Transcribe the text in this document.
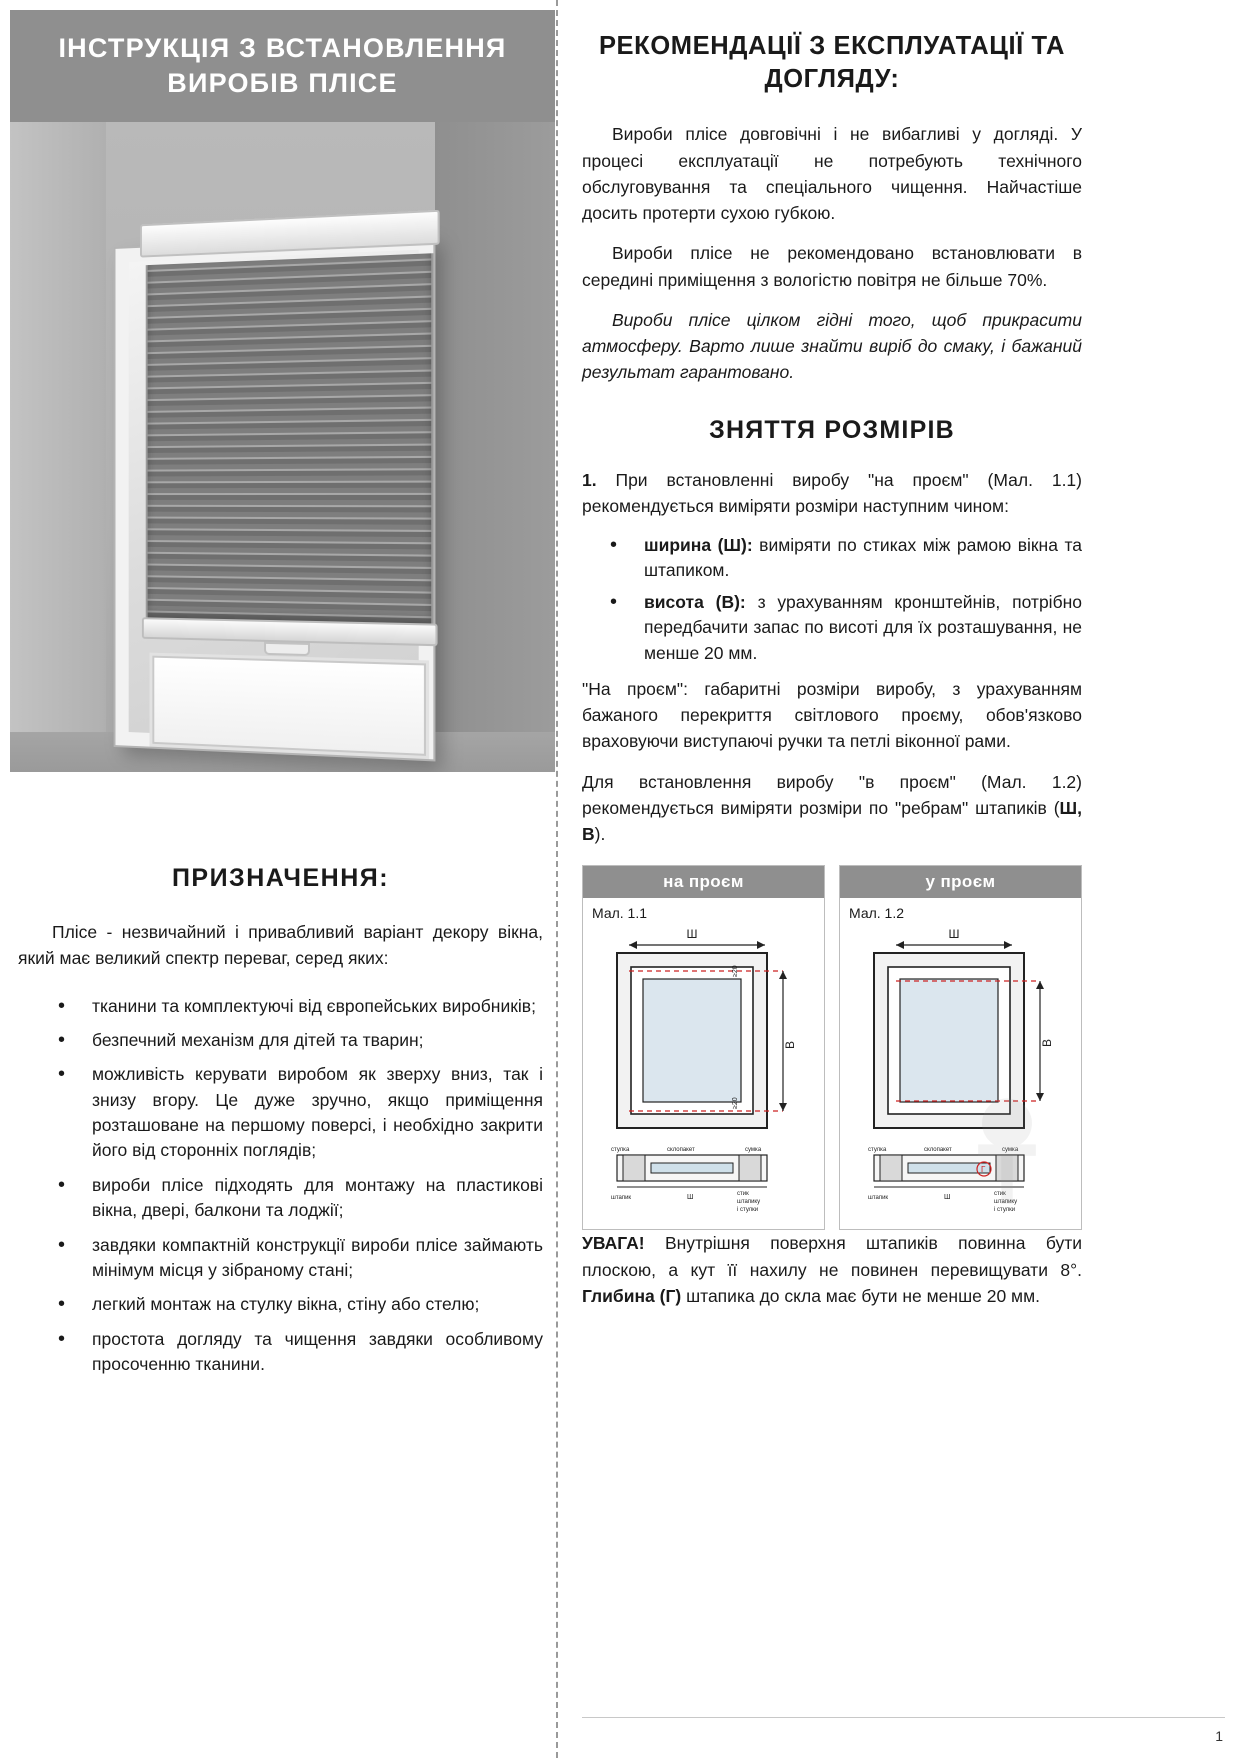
ІНСТРУКЦІЯ З ВСТАНОВЛЕННЯ ВИРОБІВ ПЛІСЕ
ПРИЗНАЧЕННЯ:

Пліcе - незвичайний і привабливий варіант декору вікна, який має великий спектр переваг, серед яких:

• тканини та комплектуючі від європейських виробників;
• безпечний механізм для дітей та тварин;
• можливість керувати виробом як зверху вниз, так і знизу вгору. Це дуже зручно, якщо приміщення розташоване на першому поверсі, і необхідно закрити його від сторонніх поглядів;
• вироби пліcе підходять для монтажу на пластикові вікна, двері, балкони та лоджії;
• завдяки компактній конструкції вироби пліcе займають мінімум місця у зібраному стані;
• легкий монтаж на стулку вікна, стіну або стелю;
• простота догляду та чищення завдяки особливому просоченню тканини.
РЕКОМЕНДАЦІЇ З ЕКСПЛУАТАЦІЇ ТА ДОГЛЯДУ:

Вироби пліcе довговічні і не вибагливі у догляді. У процесі експлуатації не потребують технічного обслуговування та спеціального чищення. Найчастіше досить протерти сухою губкою.

Вироби пліcе не рекомендовано встановлювати в середині приміщення з вологістю повітря не більше 70%.

Вироби пліcе цілком гідні того, щоб прикрасити атмосферу. Варто лише знайти виріб до смаку, і бажаний результат гарантовано.

ЗНЯТТЯ РОЗМІРІВ

1. При встановленні виробу "на проєм" (Мал. 1.1) рекомендується виміряти розміри наступним чином:

• ширина (Ш): виміряти по стиках між рамою вікна та штапиком.
• висота (В): з урахуванням кронштейнів, потрібно передбачити запас по висоті для їх розташування, не менше 20 мм.

"На проєм": габаритні розміри виробу, з урахуванням бажаного перекриття світлового проєму, обов'язково враховуючи виступаючі ручки та петлі віконної рами.

Для встановлення виробу "в проєм" (Мал. 1.2) рекомендується виміряти розміри по "ребрам" штапиків (Ш, В).

на проєм
Мал. 1.1
Ш
В
≥20
≥20
стулка	склопакет	сумка
штапик	Ш	стик
штапику
і стулки
у проєм
Мал. 1.2
Ш
В
Г
стулка	склопакет	сумка
штапик	Ш	стик
штапику
і стулки

УВАГА! Внутрішня поверхня штапиків повинна бути плоскою, а кут її нахилу не повинен перевищувати 8°. Глибина (Г) штапика до скла має бути не менше 20 мм.

1
